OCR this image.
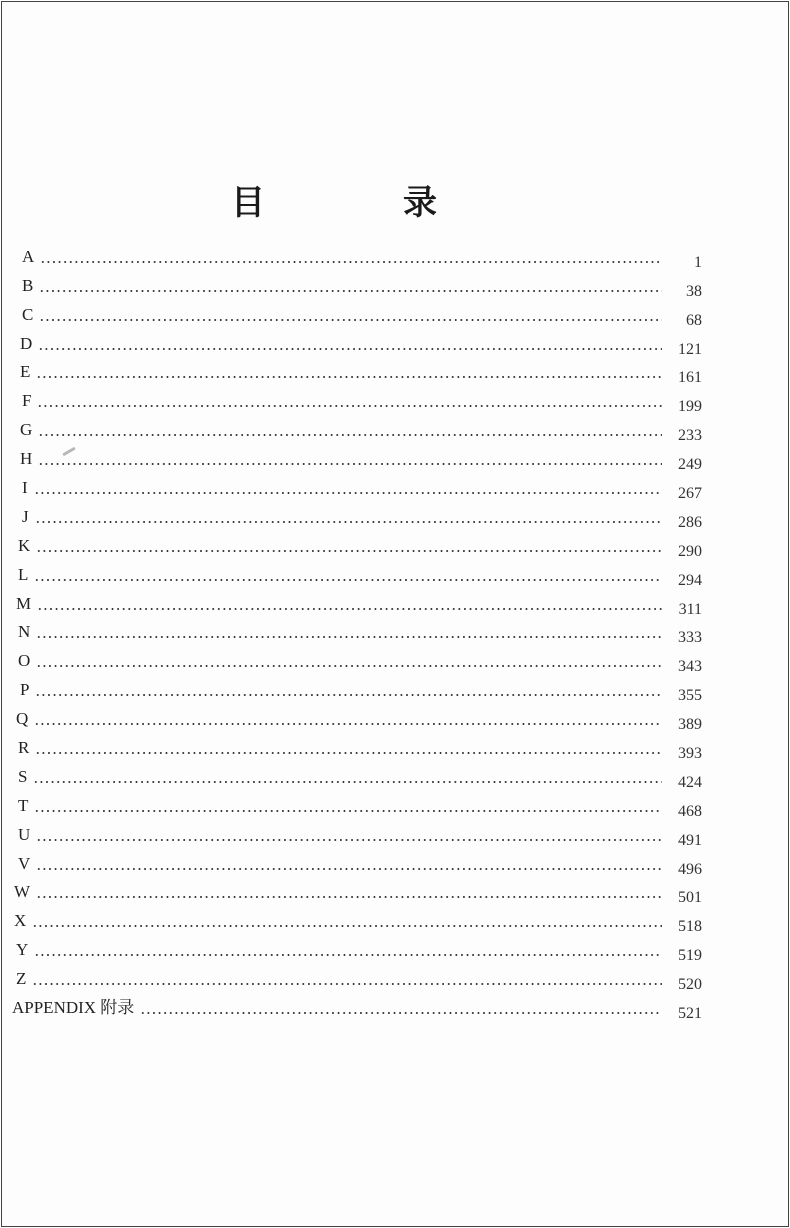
目　录
A	1
B	38
C	68
D	121
E	161
F	199
G	233
H	249
I	267
J	286
K	290
L	294
M	311
N	333
O	343
P	355
Q	389
R	393
S	424
T	468
U	491
V	496
W	501
X	518
Y	519
Z	520
APPENDIX 附录	521
